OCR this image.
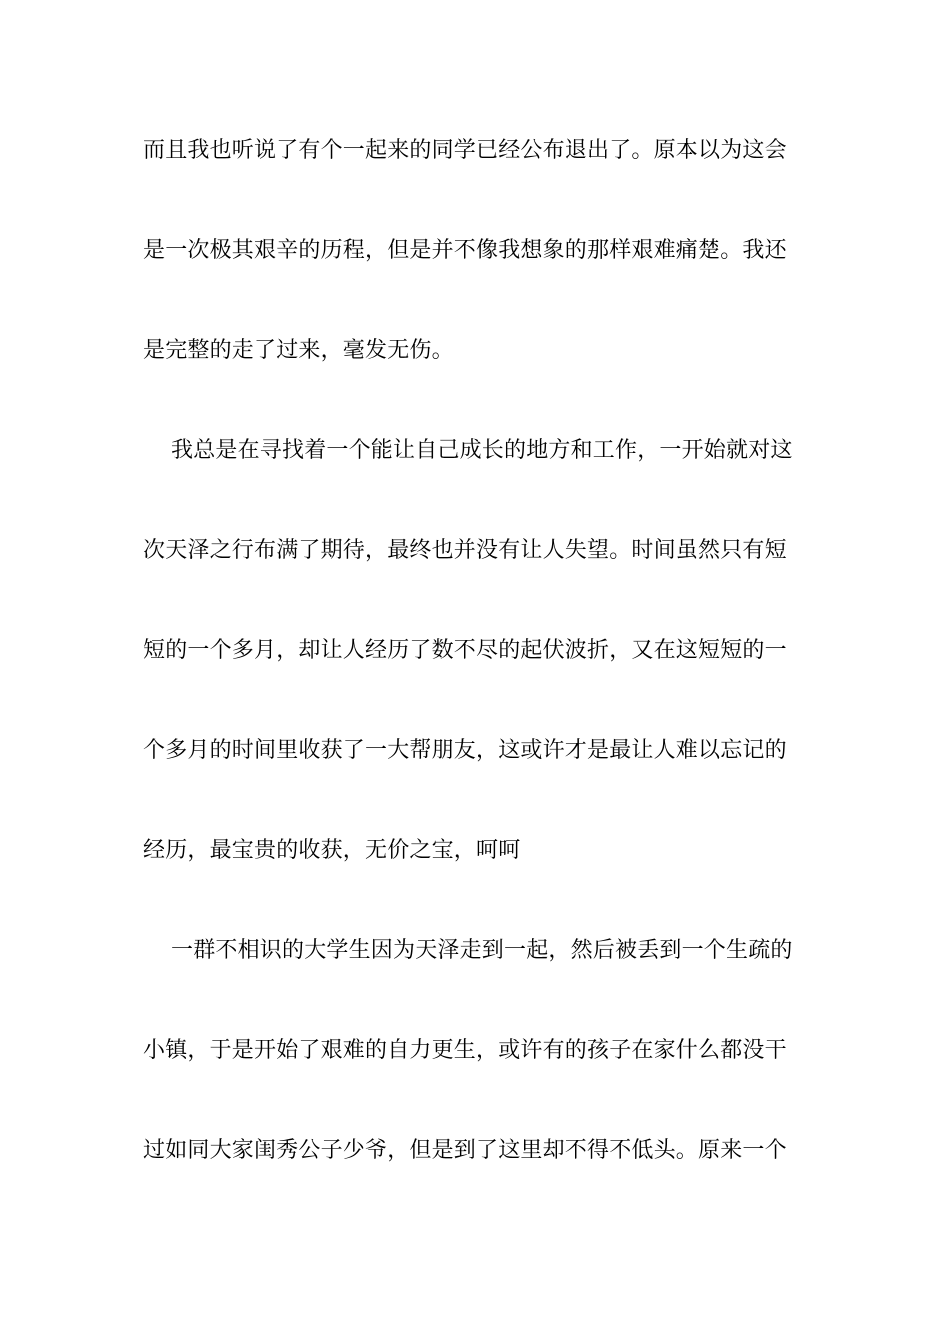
而且我也听说了有个一起来的同学已经公布退出了。原本以为这会
是一次极其艰辛的历程，但是并不像我想象的那样艰难痛楚。我还
是完整的走了过来，毫发无伤。
我总是在寻找着一个能让自己成长的地方和工作，一开始就对这
次天泽之行布满了期待，最终也并没有让人失望。时间虽然只有短
短的一个多月，却让人经历了数不尽的起伏波折，又在这短短的一
个多月的时间里收获了一大帮朋友，这或许才是最让人难以忘记的
经历，最宝贵的收获，无价之宝，呵呵
一群不相识的大学生因为天泽走到一起，然后被丢到一个生疏的
小镇，于是开始了艰难的自力更生，或许有的孩子在家什么都没干
过如同大家闺秀公子少爷，但是到了这里却不得不低头。原来一个
